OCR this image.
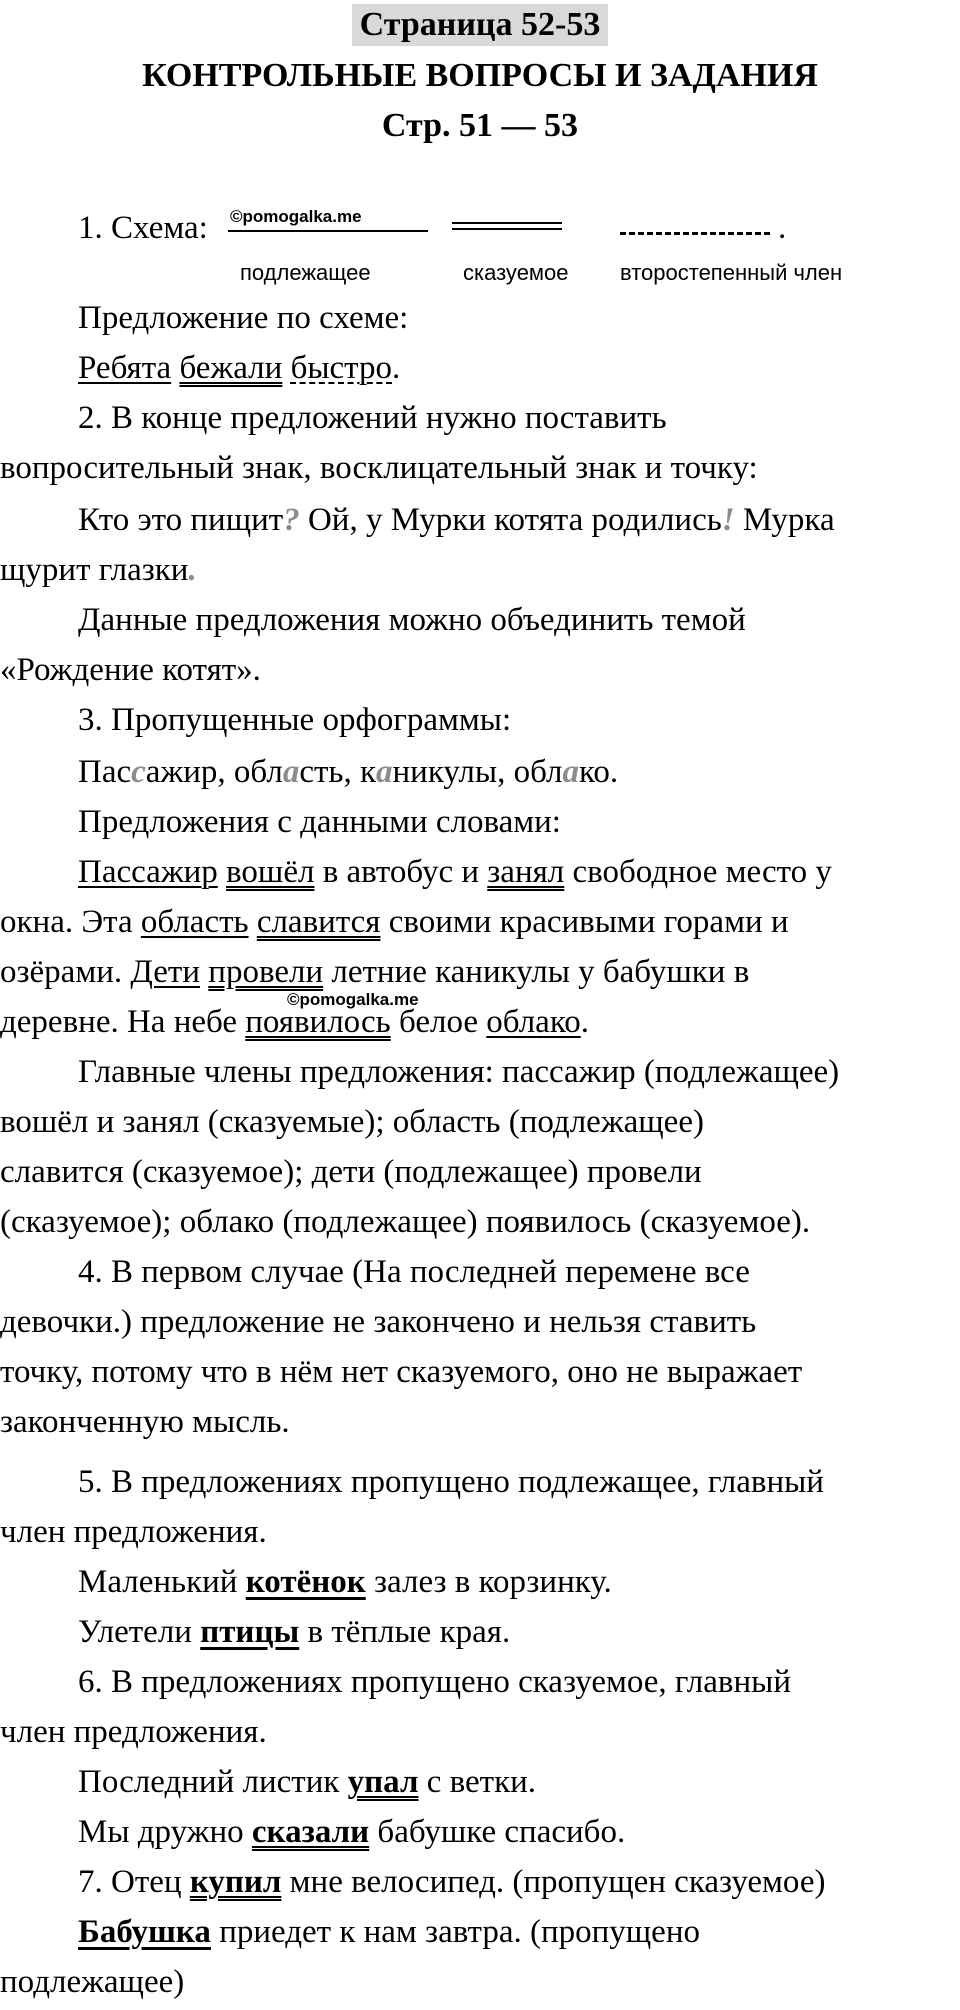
Страница 52-53
КОНТРОЛЬНЫЕ ВОПРОСЫ И ЗАДАНИЯ
Стр. 51 — 53
1. Схема:	©pomogalka.me	.
подлежащее	сказуемое второстепенный член
Предложение по схеме:
Ребята бежали быстро.
2. В конце предложений нужно поставить
вопросительный знак, восклицательный знак и точку:
Кто это пищит? Ой, у Мурки котята родились! Мурка
щурит глазки.
Данные предложения можно объединить темой
«Рождение котят».
3. Пропущенные орфограммы:
Пассажир, область, каникулы, облако.
Предложения с данными словами:
Пассажир вошёл в автобус и занял свободное место у
окна. Эта область славится своими красивыми горами и
озёрами. Дети провели летние каникулы у бабушки в
©pomogalka.me
деревне. На небе появилось белое облако.
Главные члены предложения: пассажир (подлежащее)
вошёл и занял (сказуемые); область (подлежащее)
славится (сказуемое); дети (подлежащее) провели
(сказуемое); облако (подлежащее) появилось (сказуемое).
4. В первом случае (На последней перемене все
девочки.) предложение не закончено и нельзя ставить
точку, потому что в нём нет сказуемого, оно не выражает
законченную мысль.
5. В предложениях пропущено подлежащее, главный
член предложения.
Маленький котёнок залез в корзинку.
Улетели птицы в тёплые края.
6. В предложениях пропущено сказуемое, главный
член предложения.
Последний листик упал с ветки.
Мы дружно сказали бабушке спасибо.
7. Отец купил мне велосипед. (пропущен сказуемое)
Бабушка приедет к нам завтра. (пропущено
подлежащее)
